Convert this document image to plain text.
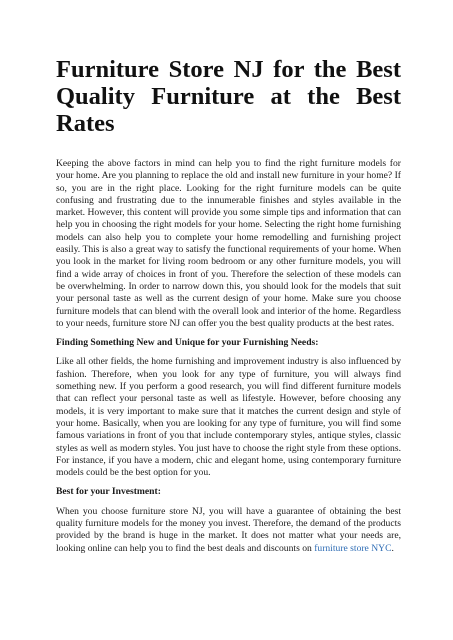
Furniture Store NJ for the Best Quality Furniture at the Best Rates

Keeping the above factors in mind can help you to find the right furniture models for your home. Are you planning to replace the old and install new furniture in your home? If so, you are in the right place. Looking for the right furniture models can be quite confusing and frustrating due to the innumerable finishes and styles available in the market. However, this content will provide you some simple tips and information that can help you in choosing the right models for your home. Selecting the right home furnishing models can also help you to complete your home remodelling and furnishing project easily. This is also a great way to satisfy the functional requirements of your home. When you look in the market for living room bedroom or any other furniture models, you will find a wide array of choices in front of you. Therefore the selection of these models can be overwhelming. In order to narrow down this, you should look for the models that suit your personal taste as well as the current design of your home. Make sure you choose furniture models that can blend with the overall look and interior of the home. Regardless to your needs, furniture store NJ can offer you the best quality products at the best rates.

Finding Something New and Unique for your Furnishing Needs:

Like all other fields, the home furnishing and improvement industry is also influenced by fashion. Therefore, when you look for any type of furniture, you will always find something new. If you perform a good research, you will find different furniture models that can reflect your personal taste as well as lifestyle. However, before choosing any models, it is very important to make sure that it matches the current design and style of your home. Basically, when you are looking for any type of furniture, you will find some famous variations in front of you that include contemporary styles, antique styles, classic styles as well as modern styles. You just have to choose the right style from these options. For instance, if you have a modern, chic and elegant home, using contemporary furniture models could be the best option for you.

Best for your Investment:

When you choose furniture store NJ, you will have a guarantee of obtaining the best quality furniture models for the money you invest. Therefore, the demand of the products provided by the brand is huge in the market. It does not matter what your needs are, looking online can help you to find the best deals and discounts on furniture store NYC.
